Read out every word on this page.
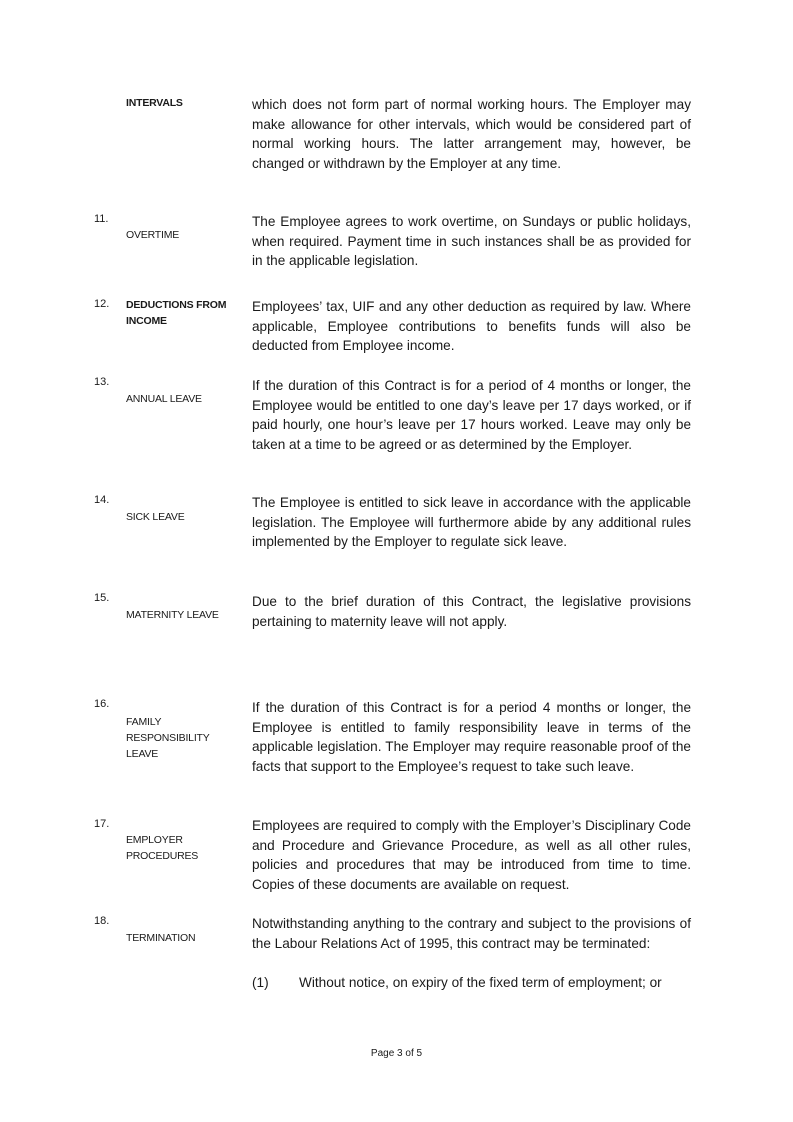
INTERVALS	which does not form part of normal working hours. The Employer may make allowance for other intervals, which would be considered part of normal working hours. The latter arrangement may, however, be changed or withdrawn by the Employer at any time.
11.
OVERTIME
The Employee agrees to work overtime, on Sundays or public holidays, when required. Payment time in such instances shall be as provided for in the applicable legislation.
12. DEDUCTIONS FROM INCOME
Employees’ tax, UIF and any other deduction as required by law. Where applicable, Employee contributions to benefits funds will also be deducted from Employee income.
13.
ANNUAL LEAVE
If the duration of this Contract is for a period of 4 months or longer, the Employee would be entitled to one day’s leave per 17 days worked, or if paid hourly, one hour’s leave per 17 hours worked. Leave may only be taken at a time to be agreed or as determined by the Employer.
14.
SICK LEAVE
The Employee is entitled to sick leave in accordance with the applicable legislation. The Employee will furthermore abide by any additional rules implemented by the Employer to regulate sick leave.
15.
MATERNITY LEAVE
Due to the brief duration of this Contract, the legislative provisions pertaining to maternity leave will not apply.
16.
FAMILY RESPONSIBILITY LEAVE
If the duration of this Contract is for a period 4 months or longer, the Employee is entitled to family responsibility leave in terms of the applicable legislation. The Employer may require reasonable proof of the facts that support to the Employee’s request to take such leave.
17.
EMPLOYER PROCEDURES
Employees are required to comply with the Employer’s Disciplinary Code and Procedure and Grievance Procedure, as well as all other rules, policies and procedures that may be introduced from time to time. Copies of these documents are available on request.
18.
TERMINATION
Notwithstanding anything to the contrary and subject to the provisions of the Labour Relations Act of 1995, this contract may be terminated:
(1) Without notice, on expiry of the fixed term of employment; or
Page 3 of 5
